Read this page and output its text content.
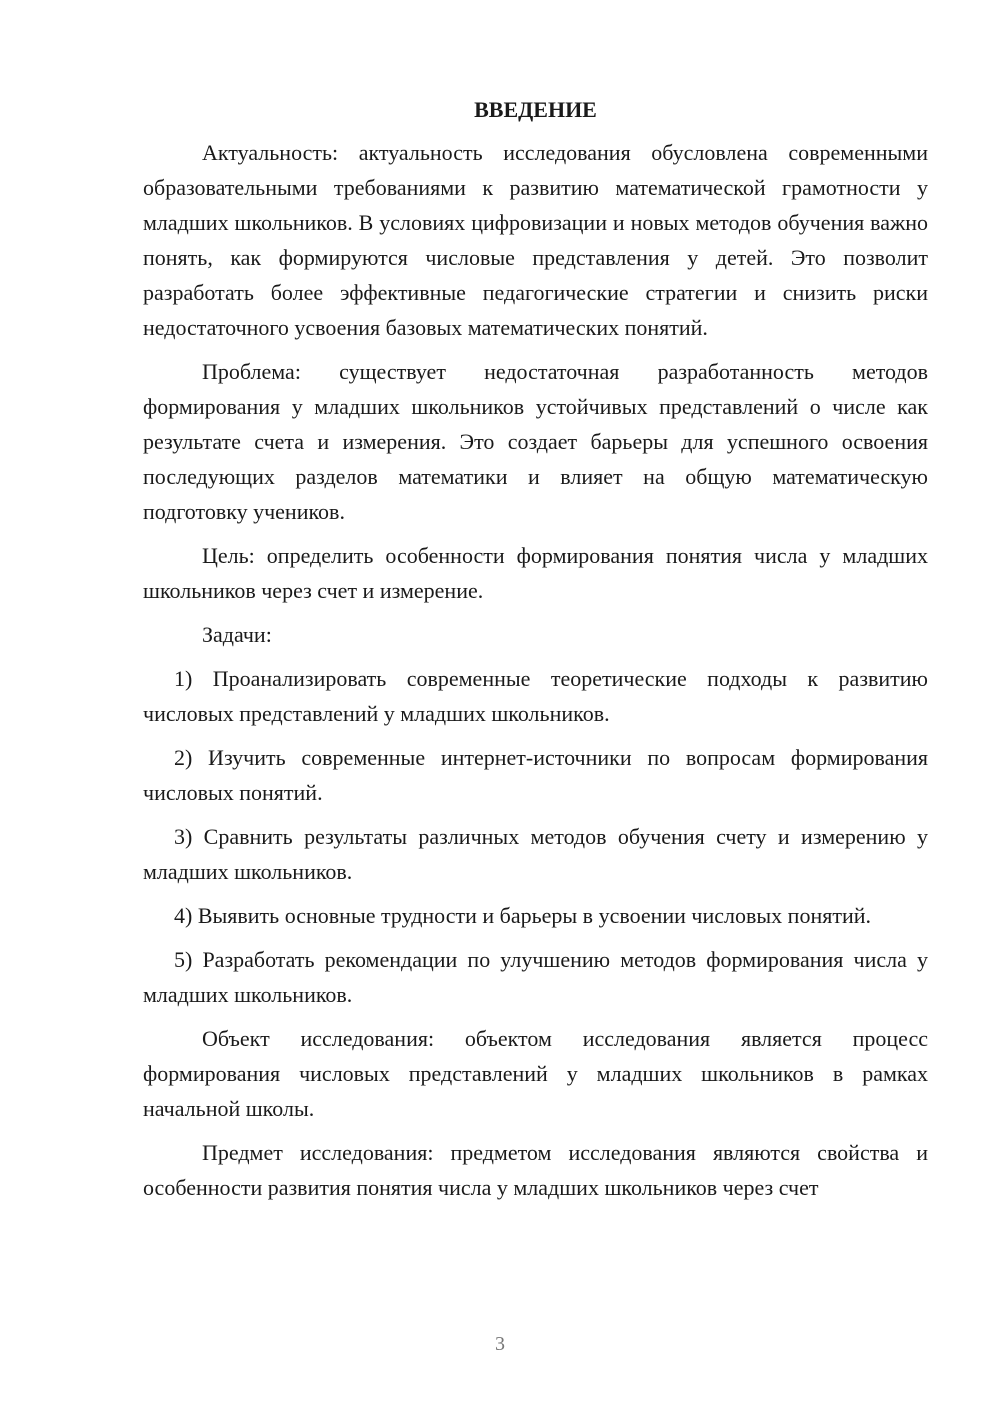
ВВЕДЕНИЕ

Актуальность: актуальность исследования обусловлена современными образовательными требованиями к развитию математической грамотности у младших школьников. В условиях цифровизации и новых методов обучения важно понять, как формируются числовые представления у детей. Это позволит разработать более эффективные педагогические стратегии и снизить риски недостаточного усвоения базовых математических понятий.

Проблема: существует недостаточная разработанность методов формирования у младших школьников устойчивых представлений о числе как результате счета и измерения. Это создает барьеры для успешного освоения последующих разделов математики и влияет на общую математическую подготовку учеников.

Цель: определить особенности формирования понятия числа у младших школьников через счет и измерение.

Задачи:

1) Проанализировать современные теоретические подходы к развитию числовых представлений у младших школьников.

2) Изучить современные интернет-источники по вопросам формирования числовых понятий.

3) Сравнить результаты различных методов обучения счету и измерению у младших школьников.

4) Выявить основные трудности и барьеры в усвоении числовых понятий.

5) Разработать рекомендации по улучшению методов формирования числа у младших школьников.

Объект исследования: объектом исследования является процесс формирования числовых представлений у младших школьников в рамках начальной школы.

Предмет исследования: предметом исследования являются свойства и особенности развития понятия числа у младших школьников через счет

3
